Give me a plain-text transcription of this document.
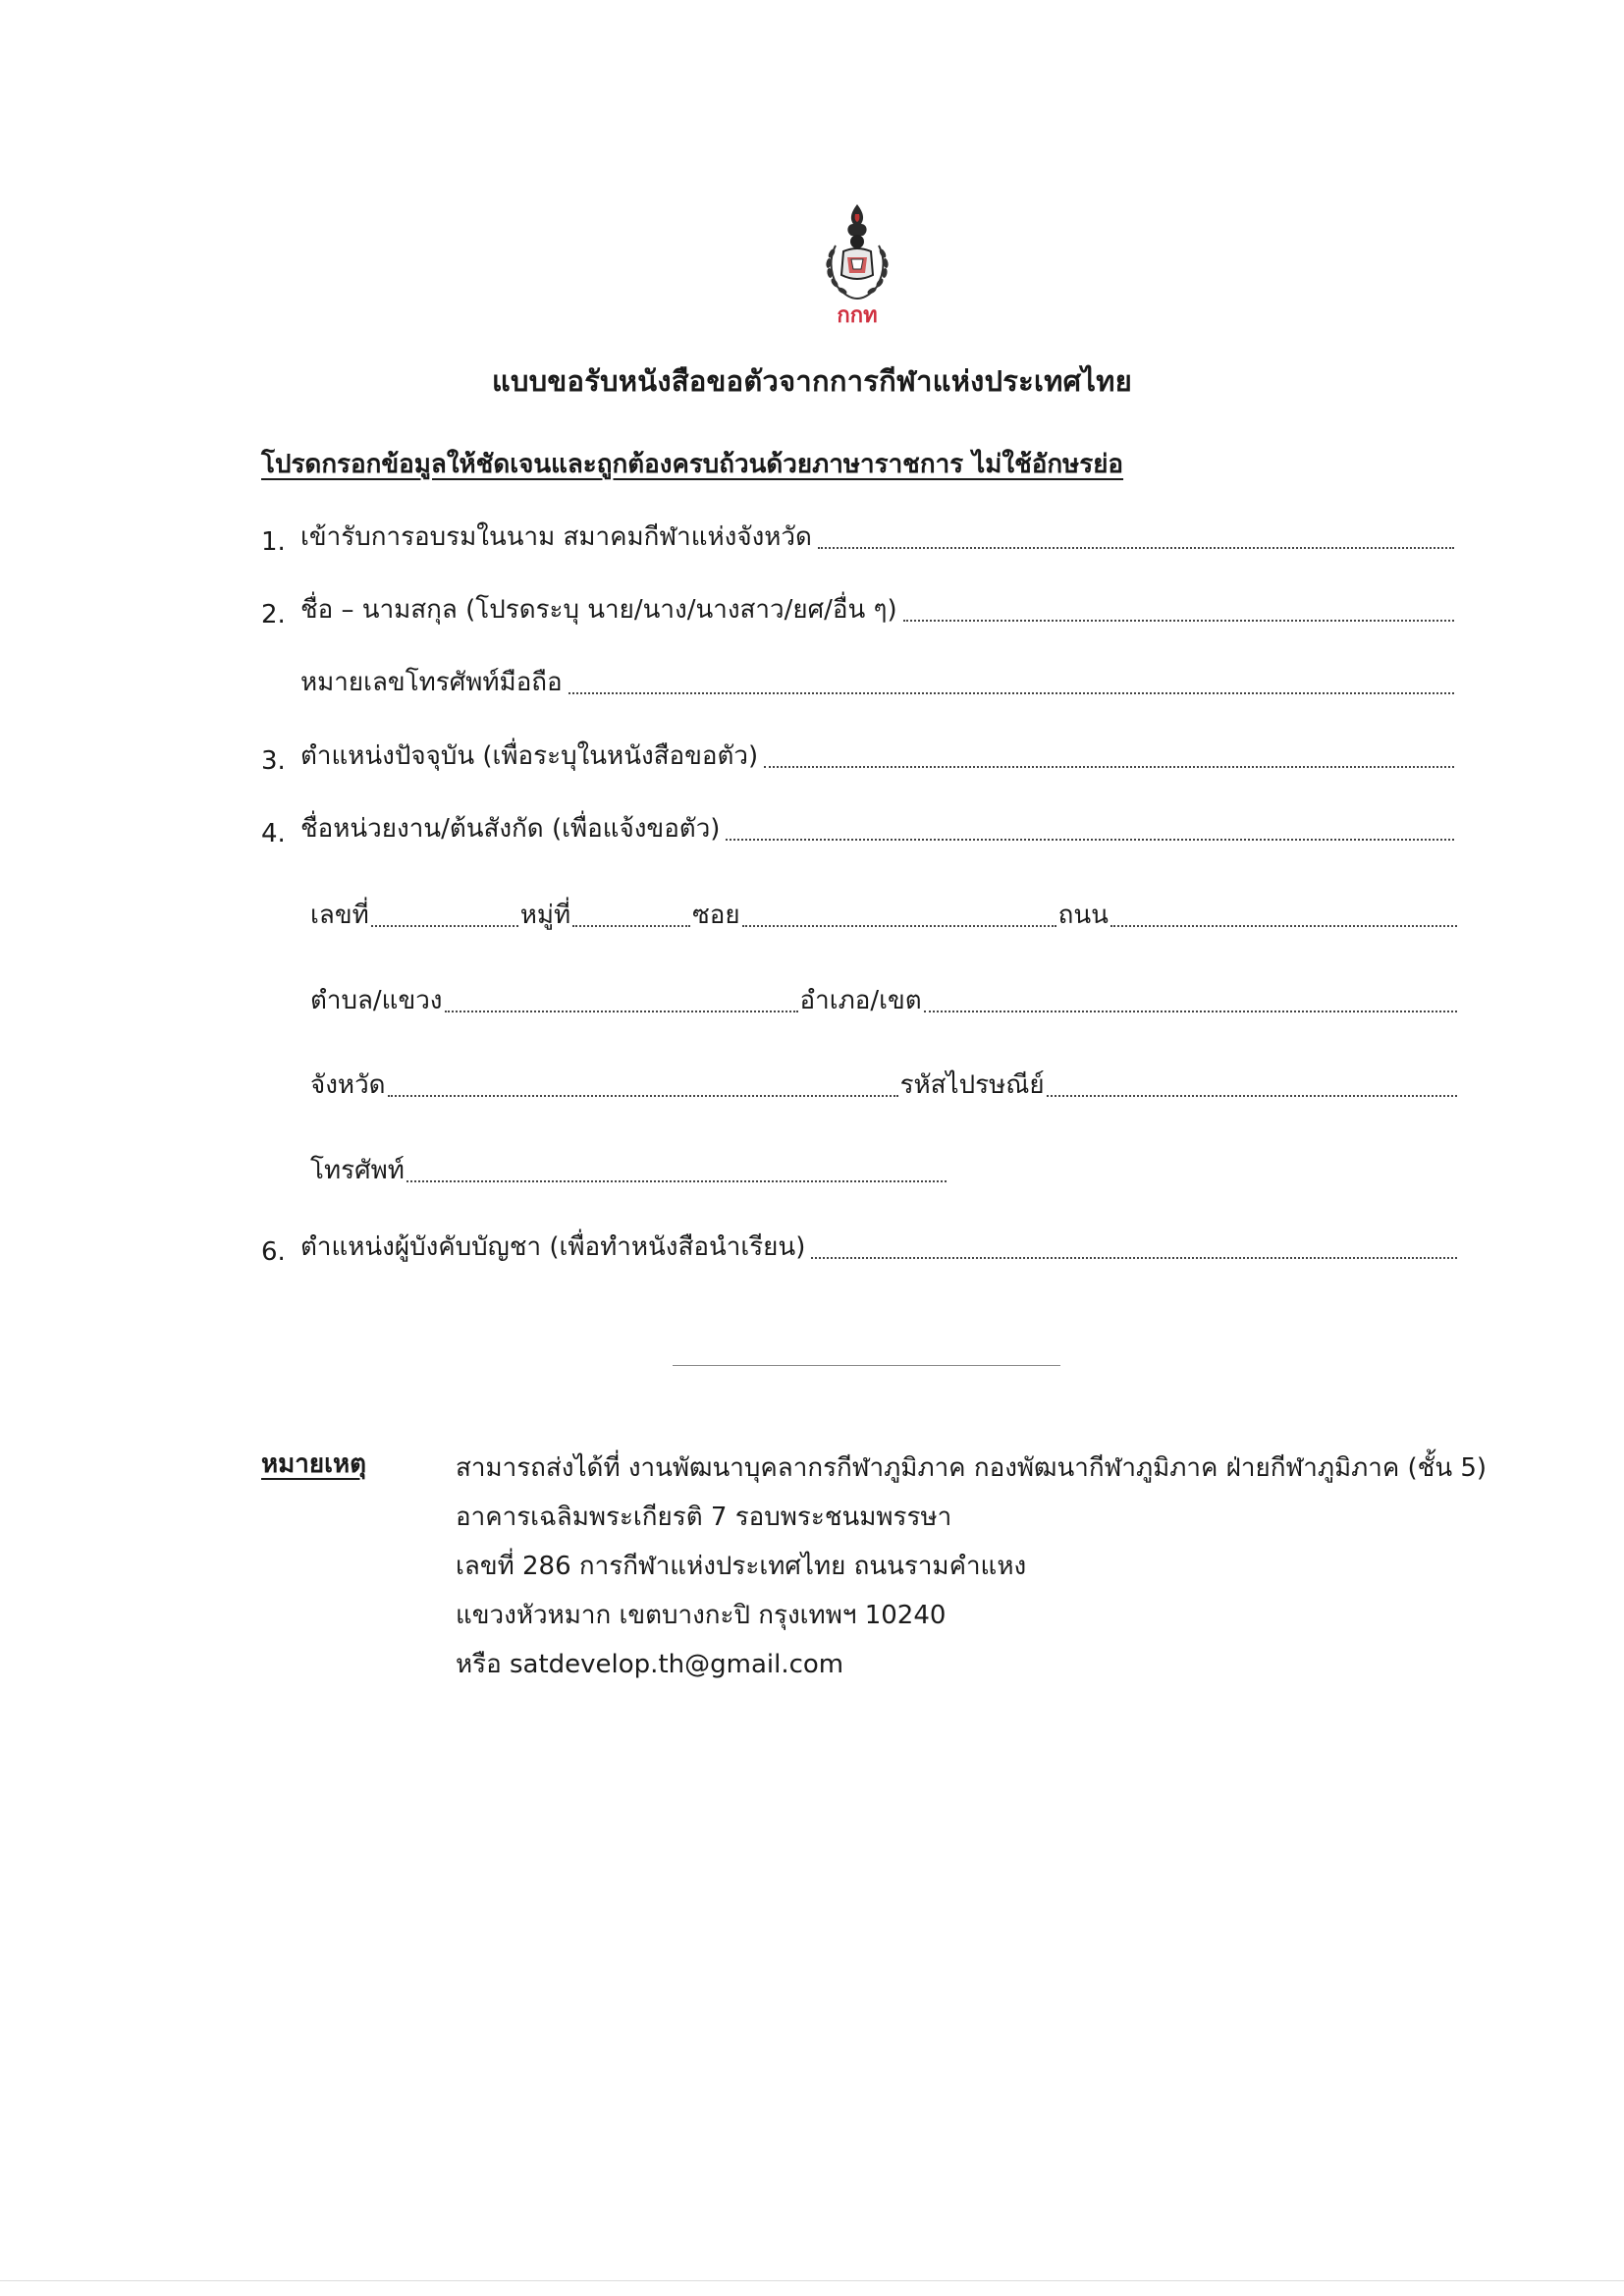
กกท
แบบขอรับหนังสือขอตัวจากการกีฬาแห่งประเทศไทย
โปรดกรอกข้อมูลให้ชัดเจนและถูกต้องครบถ้วนด้วยภาษาราชการ ไม่ใช้อักษรย่อ
1. เข้ารับการอบรมในนาม สมาคมกีฬาแห่งจังหวัด
2. ชื่อ – นามสกุล (โปรดระบุ นาย/นาง/นางสาว/ยศ/อื่น ๆ)
หมายเลขโทรศัพท์มือถือ
3. ตำแหน่งปัจจุบัน (เพื่อระบุในหนังสือขอตัว)
4. ชื่อหน่วยงาน/ต้นสังกัด (เพื่อแจ้งขอตัว)
เลขที่	หมู่ที่	ซอย	ถนน
ตำบล/แขวง	อำเภอ/เขต
จังหวัด	รหัสไปรษณีย์
โทรศัพท์
6. ตำแหน่งผู้บังคับบัญชา (เพื่อทำหนังสือนำเรียน)
หมายเหตุ	สามารถส่งได้ที่ งานพัฒนาบุคลากรกีฬาภูมิภาค กองพัฒนากีฬาภูมิภาค ฝ่ายกีฬาภูมิภาค (ชั้น 5)
อาคารเฉลิมพระเกียรติ 7 รอบพระชนมพรรษา
เลขที่ 286 การกีฬาแห่งประเทศไทย ถนนรามคำแหง
แขวงหัวหมาก เขตบางกะปิ กรุงเทพฯ 10240
หรือ satdevelop.th@gmail.com
